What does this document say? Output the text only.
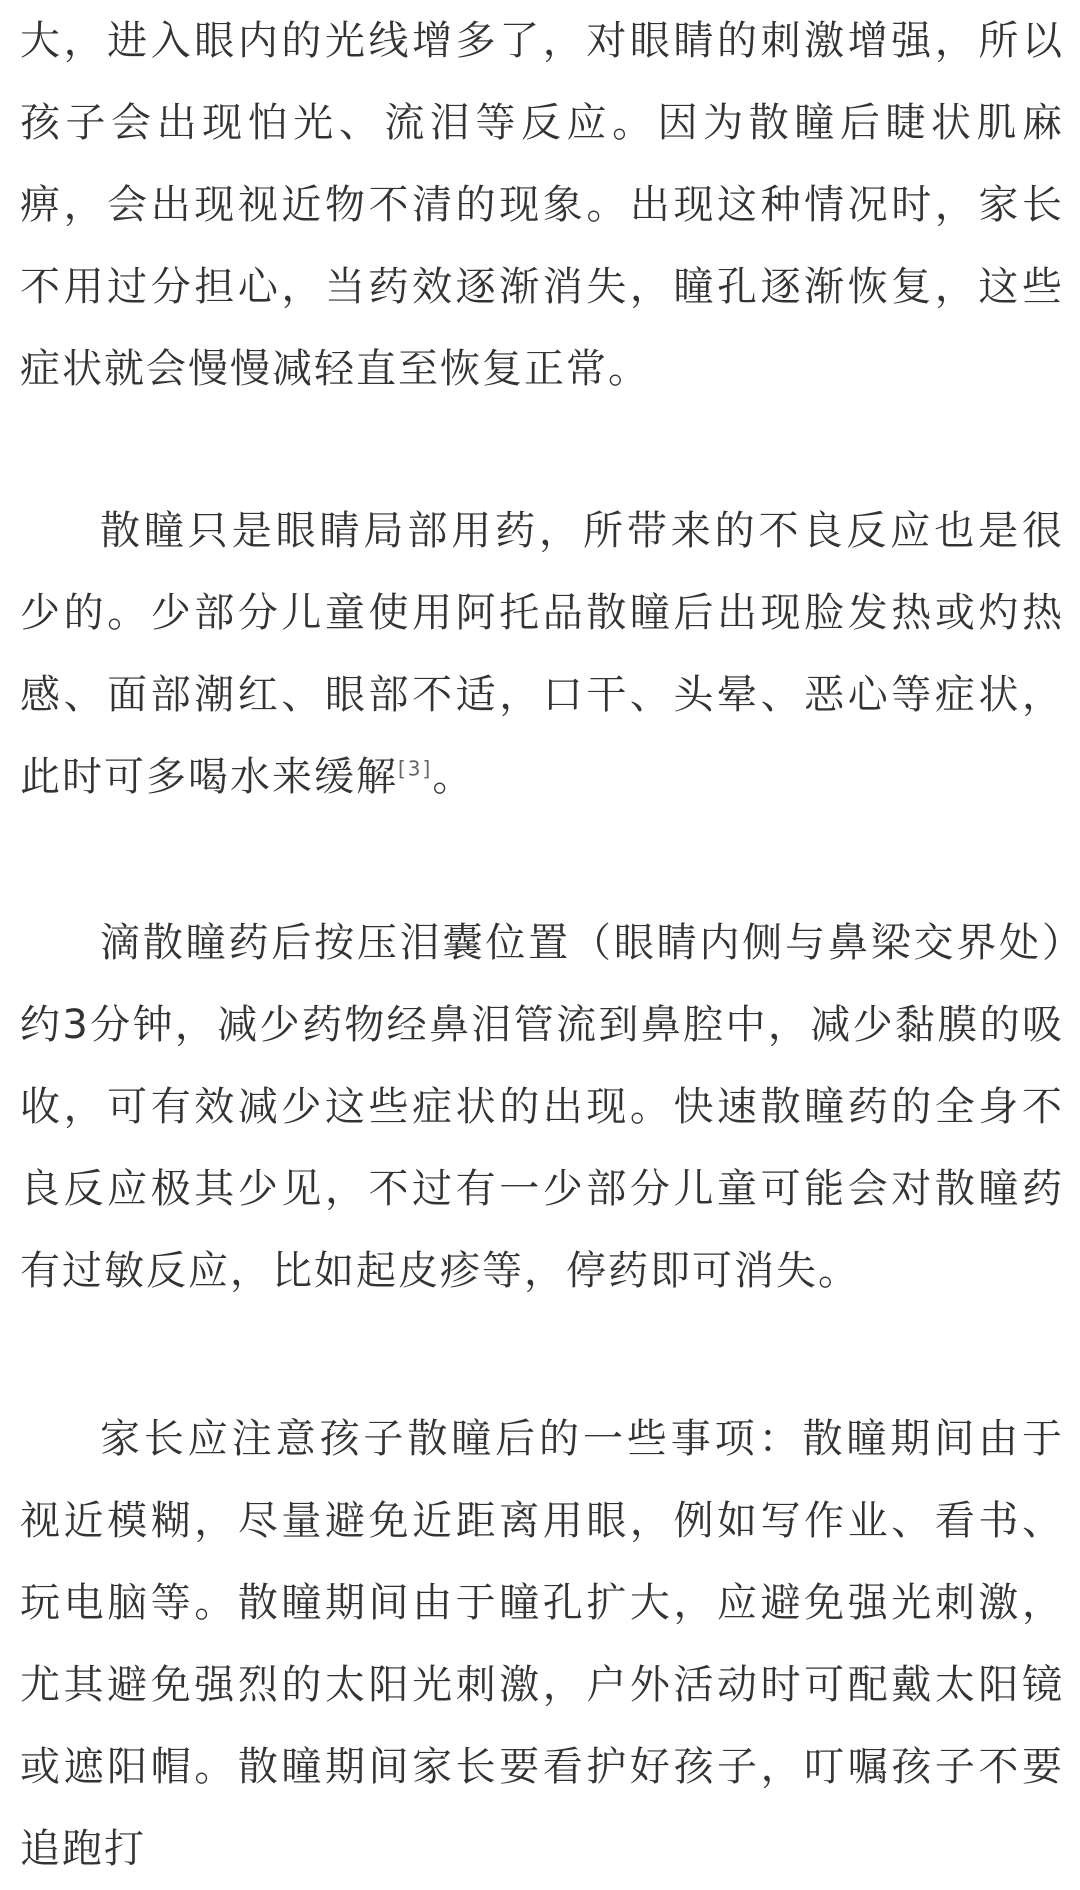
大，进入眼内的光线增多了，对眼睛的刺激增强，所以孩子会出现怕光、流泪等反应。因为散瞳后睫状肌麻痹，会出现视近物不清的现象。出现这种情况时，家长不用过分担心，当药效逐渐消失，瞳孔逐渐恢复，这些症状就会慢慢减轻直至恢复正常。

散瞳只是眼睛局部用药，所带来的不良反应也是很少的。少部分儿童使用阿托品散瞳后出现脸发热或灼热感、面部潮红、眼部不适，口干、头晕、恶心等症状，此时可多喝水来缓解[3]。

滴散瞳药后按压泪囊位置（眼睛内侧与鼻梁交界处）约3分钟，减少药物经鼻泪管流到鼻腔中，减少黏膜的吸收，可有效减少这些症状的出现。快速散瞳药的全身不良反应极其少见，不过有一少部分儿童可能会对散瞳药有过敏反应，比如起皮疹等，停药即可消失。

家长应注意孩子散瞳后的一些事项：散瞳期间由于视近模糊，尽量避免近距离用眼，例如写作业、看书、玩电脑等。散瞳期间由于瞳孔扩大，应避免强光刺激，尤其避免强烈的太阳光刺激，户外活动时可配戴太阳镜或遮阳帽。散瞳期间家长要看护好孩子，叮嘱孩子不要追跑打
